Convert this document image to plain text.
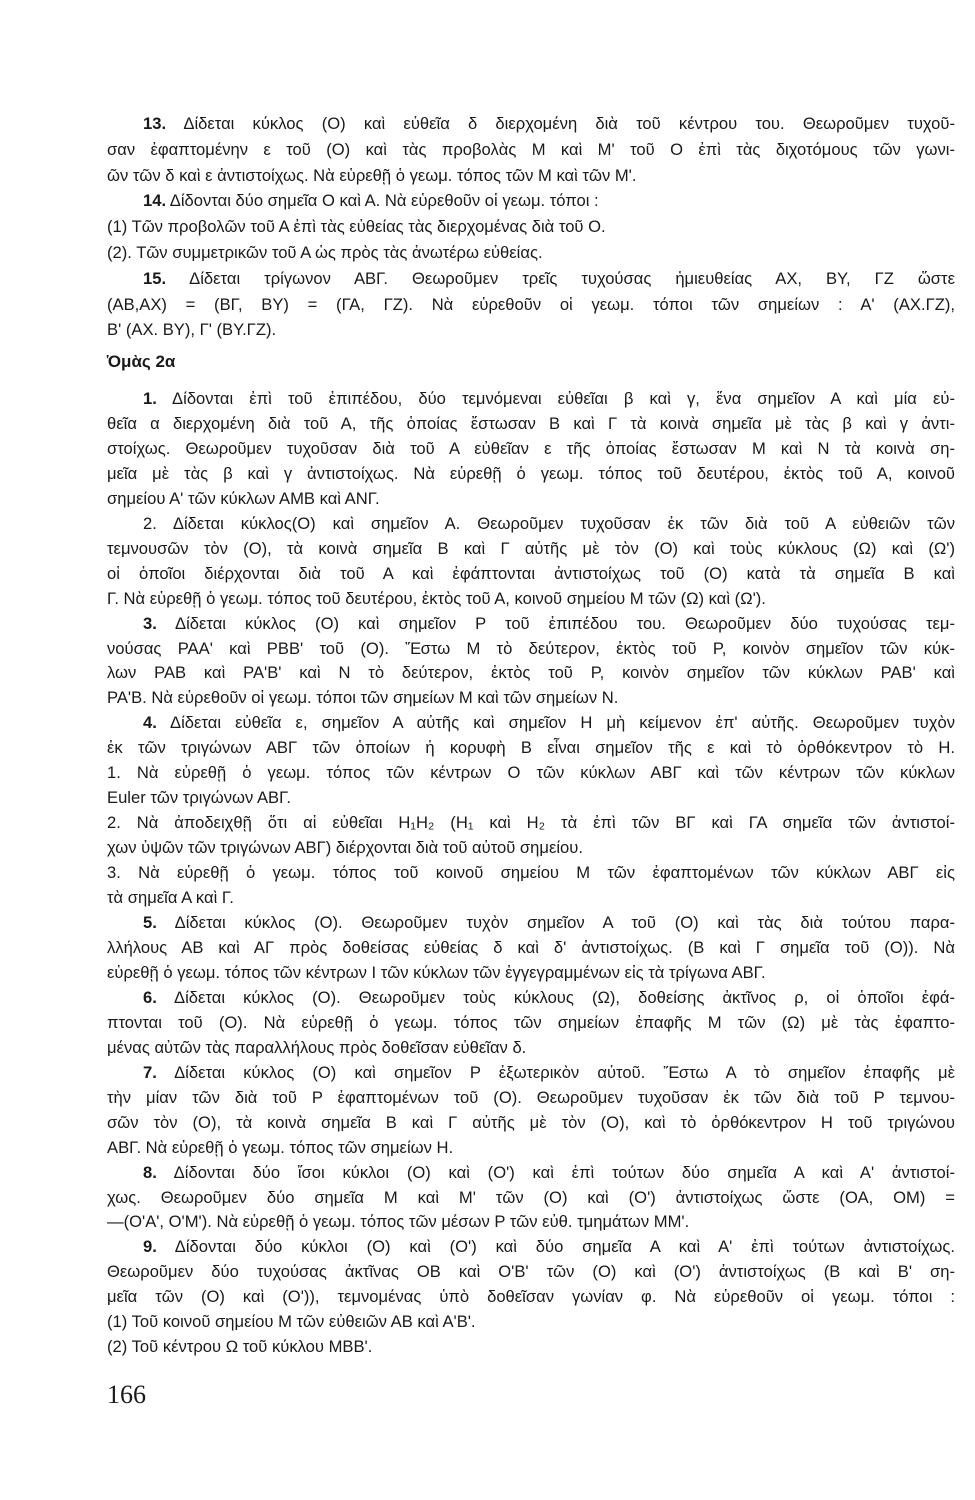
13. Δίδεται κύκλος (Ο) καὶ εὐθεῖα δ διερχομένη διὰ τοῦ κέντρου του. Θεωροῦμεν τυχοῦ-
σαν ἐφαπτομένην ε τοῦ (Ο) καὶ τὰς προβολὰς Μ καὶ Μ' τοῦ Ο ἐπὶ τὰς διχοτόμους τῶν γωνι-
ῶν τῶν δ καὶ ε ἀντιστοίχως. Νὰ εὑρεθῇ ὁ γεωμ. τόπος τῶν Μ καὶ τῶν Μ'.
14. Δίδονται δύο σημεῖα Ο καὶ Α. Νὰ εὑρεθοῦν οἱ γεωμ. τόποι :
(1) Τῶν προβολῶν τοῦ Α ἐπὶ τὰς εὐθείας τὰς διερχομένας διὰ τοῦ Ο.
(2). Τῶν συμμετρικῶν τοῦ Α ὡς πρὸς τὰς ἀνωτέρω εὐθείας.
15. Δίδεται τρίγωνον ΑΒΓ. Θεωροῦμεν τρεῖς τυχούσας ἡμιευθείας ΑΧ, ΒΥ, ΓΖ ὥστε
(ΑΒ,ΑΧ) = (ΒΓ, ΒΥ) = (ΓΑ, ΓΖ). Νὰ εὑρεθοῦν οἱ γεωμ. τόποι τῶν σημείων : Α' (ΑΧ.ΓΖ),
Β' (ΑΧ. ΒΥ), Γ' (ΒΥ.ΓΖ).
Ὁμὰς 2α
1. Δίδονται ἐπὶ τοῦ ἐπιπέδου, δύο τεμνόμεναι εὐθεῖαι β καὶ γ, ἕνα σημεῖον Α καὶ μία εὐ-
θεῖα α διερχομένη διὰ τοῦ Α, τῆς ὁποίας ἔστωσαν Β καὶ Γ τὰ κοινὰ σημεῖα μὲ τὰς β καὶ γ ἀντι-
στοίχως. Θεωροῦμεν τυχοῦσαν διὰ τοῦ Α εὐθεῖαν ε τῆς ὁποίας ἔστωσαν Μ καὶ Ν τὰ κοινὰ ση-
μεῖα μὲ τὰς β καὶ γ ἀντιστοίχως. Νὰ εὑρεθῇ ὁ γεωμ. τόπος τοῦ δευτέρου, ἐκτὸς τοῦ Α, κοινοῦ
σημείου Α' τῶν κύκλων ΑΜΒ καὶ ΑΝΓ.
2. Δίδεται κύκλος(Ο) καὶ σημεῖον Α. Θεωροῦμεν τυχοῦσαν ἐκ τῶν διὰ τοῦ Α εὐθειῶν τῶν
τεμνουσῶν τὸν (Ο), τὰ κοινὰ σημεῖα Β καὶ Γ αὐτῆς μὲ τὸν (Ο) καὶ τοὺς κύκλους (Ω) καὶ (Ω')
οἱ ὁποῖοι διέρχονται διὰ τοῦ Α καὶ ἐφάπτονται ἀντιστοίχως τοῦ (Ο) κατὰ τὰ σημεῖα Β καὶ
Γ. Νὰ εὑρεθῇ ὁ γεωμ. τόπος τοῦ δευτέρου, ἐκτὸς τοῦ Α, κοινοῦ σημείου Μ τῶν (Ω) καὶ (Ω').
3. Δίδεται κύκλος (Ο) καὶ σημεῖον Ρ τοῦ ἐπιπέδου του. Θεωροῦμεν δύο τυχούσας τεμ-
νούσας ΡΑΑ' καὶ ΡΒΒ' τοῦ (Ο). Ἔστω Μ τὸ δεύτερον, ἐκτὸς τοῦ Ρ, κοινὸν σημεῖον τῶν κύκ-
λων ΡΑΒ καὶ ΡΑ'Β' καὶ Ν τὸ δεύτερον, ἐκτὸς τοῦ Ρ, κοινὸν σημεῖον τῶν κύκλων ΡΑΒ' καὶ
ΡΑ'Β. Νὰ εὑρεθοῦν οἱ γεωμ. τόποι τῶν σημείων Μ καὶ τῶν σημείων Ν.
4. Δίδεται εὐθεῖα ε, σημεῖον Α αὐτῆς καὶ σημεῖον Η μὴ κείμενον ἐπ' αὐτῆς. Θεωροῦμεν τυχὸν
ἐκ τῶν τριγώνων ΑΒΓ τῶν ὁποίων ἡ κορυφὴ Β εἶναι σημεῖον τῆς ε καὶ τὸ ὀρθόκεντρον τὸ Η.
1. Νὰ εὑρεθῇ ὁ γεωμ. τόπος τῶν κέντρων Ο τῶν κύκλων ΑΒΓ καὶ τῶν κέντρων τῶν κύκλων
Euler τῶν τριγώνων ΑΒΓ.
2. Νὰ ἀποδειχθῇ ὅτι αἱ εὐθεῖαι Η₁Η₂ (Η₁ καὶ Η₂ τὰ ἐπὶ τῶν ΒΓ καὶ ΓΑ σημεῖα τῶν ἀντιστοί-
χων ὑψῶν τῶν τριγώνων ΑΒΓ) διέρχονται διὰ τοῦ αὐτοῦ σημείου.
3. Νὰ εὑρεθῇ ὁ γεωμ. τόπος τοῦ κοινοῦ σημείου Μ τῶν ἐφαπτομένων τῶν κύκλων ΑΒΓ εἰς
τὰ σημεῖα Α καὶ Γ.
5. Δίδεται κύκλος (Ο). Θεωροῦμεν τυχὸν σημεῖον Α τοῦ (Ο) καὶ τὰς διὰ τούτου παρα-
λλήλους ΑΒ καὶ ΑΓ πρὸς δοθείσας εὐθείας δ καὶ δ' ἀντιστοίχως. (Β καὶ Γ σημεῖα τοῦ (Ο)). Νὰ
εὑρεθῇ ὁ γεωμ. τόπος τῶν κέντρων Ι τῶν κύκλων τῶν ἐγγεγραμμένων εἰς τὰ τρίγωνα ΑΒΓ.
6. Δίδεται κύκλος (Ο). Θεωροῦμεν τοὺς κύκλους (Ω), δοθείσης ἀκτῖνος ρ, οἱ ὁποῖοι ἐφά-
πτονται τοῦ (Ο). Νὰ εὑρεθῇ ὁ γεωμ. τόπος τῶν σημείων ἐπαφῆς Μ τῶν (Ω) μὲ τὰς ἐφαπτο-
μένας αὐτῶν τὰς παραλλήλους πρὸς δοθεῖσαν εὐθεῖαν δ.
7. Δίδεται κύκλος (Ο) καὶ σημεῖον Ρ ἐξωτερικὸν αὐτοῦ. Ἔστω Α τὸ σημεῖον ἐπαφῆς μὲ
τὴν μίαν τῶν διὰ τοῦ Ρ ἐφαπτομένων τοῦ (Ο). Θεωροῦμεν τυχοῦσαν ἐκ τῶν διὰ τοῦ Ρ τεμνου-
σῶν τὸν (Ο), τὰ κοινὰ σημεῖα Β καὶ Γ αὐτῆς μὲ τὸν (Ο), καὶ τὸ ὀρθόκεντρον Η τοῦ τριγώνου
ΑΒΓ. Νὰ εὑρεθῇ ὁ γεωμ. τόπος τῶν σημείων Η.
8. Δίδονται δύο ἴσοι κύκλοι (Ο) καὶ (Ο') καὶ ἐπὶ τούτων δύο σημεῖα Α καὶ Α' ἀντιστοί-
χως. Θεωροῦμεν δύο σημεῖα Μ καὶ Μ' τῶν (Ο) καὶ (Ο') ἀντιστοίχως ὥστε (ΟΑ, ΟΜ) =
—(Ο'Α', Ο'Μ'). Νὰ εὑρεθῇ ὁ γεωμ. τόπος τῶν μέσων Ρ τῶν εὐθ. τμημάτων ΜΜ'.
9. Δίδονται δύο κύκλοι (Ο) καὶ (Ο') καὶ δύο σημεῖα Α καὶ Α' ἐπὶ τούτων ἀντιστοίχως.
Θεωροῦμεν δύο τυχούσας ἀκτῖνας ΟΒ καὶ Ο'Β' τῶν (Ο) καὶ (Ο') ἀντιστοίχως (Β καὶ Β' ση-
μεῖα τῶν (Ο) καὶ (Ο')), τεμνομένας ὑπὸ δοθεῖσαν γωνίαν φ. Νὰ εὑρεθοῦν οἱ γεωμ. τόποι :
(1) Τοῦ κοινοῦ σημείου Μ τῶν εὐθειῶν ΑΒ καὶ Α'Β'.
(2) Τοῦ κέντρου Ω τοῦ κύκλου ΜΒΒ'.
166
